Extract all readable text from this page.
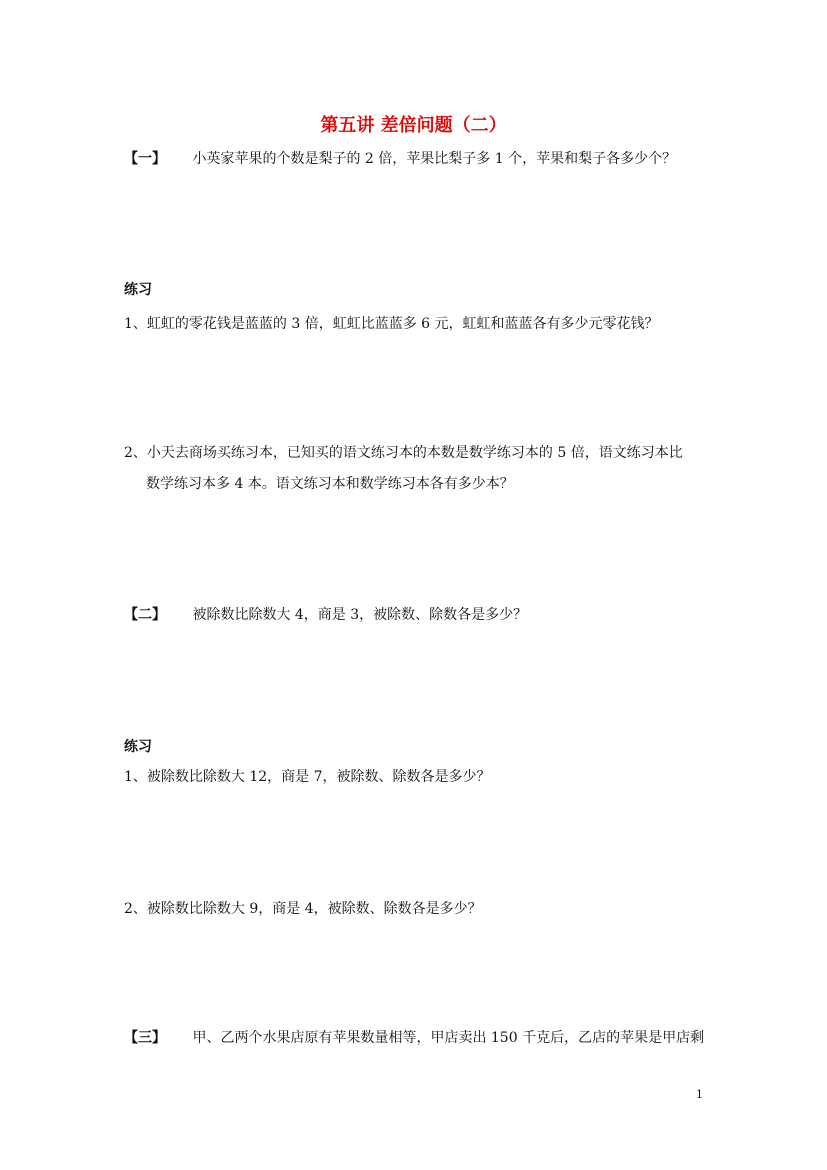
第五讲 差倍问题（二）
【一】 小英家苹果的个数是梨子的 2 倍，苹果比梨子多 1 个，苹果和梨子各多少个？
练习
1、虹虹的零花钱是蓝蓝的 3 倍，虹虹比蓝蓝多 6 元，虹虹和蓝蓝各有多少元零花钱？
2、小天去商场买练习本，已知买的语文练习本的本数是数学练习本的 5 倍，语文练习本比
数学练习本多 4 本。语文练习本和数学练习本各有多少本？
【二】 被除数比除数大 4，商是 3，被除数、除数各是多少？
练习
1、被除数比除数大 12，商是 7，被除数、除数各是多少？
2、被除数比除数大 9，商是 4，被除数、除数各是多少？
【三】 甲、乙两个水果店原有苹果数量相等，甲店卖出 150 千克后，乙店的苹果是甲店剩
1
